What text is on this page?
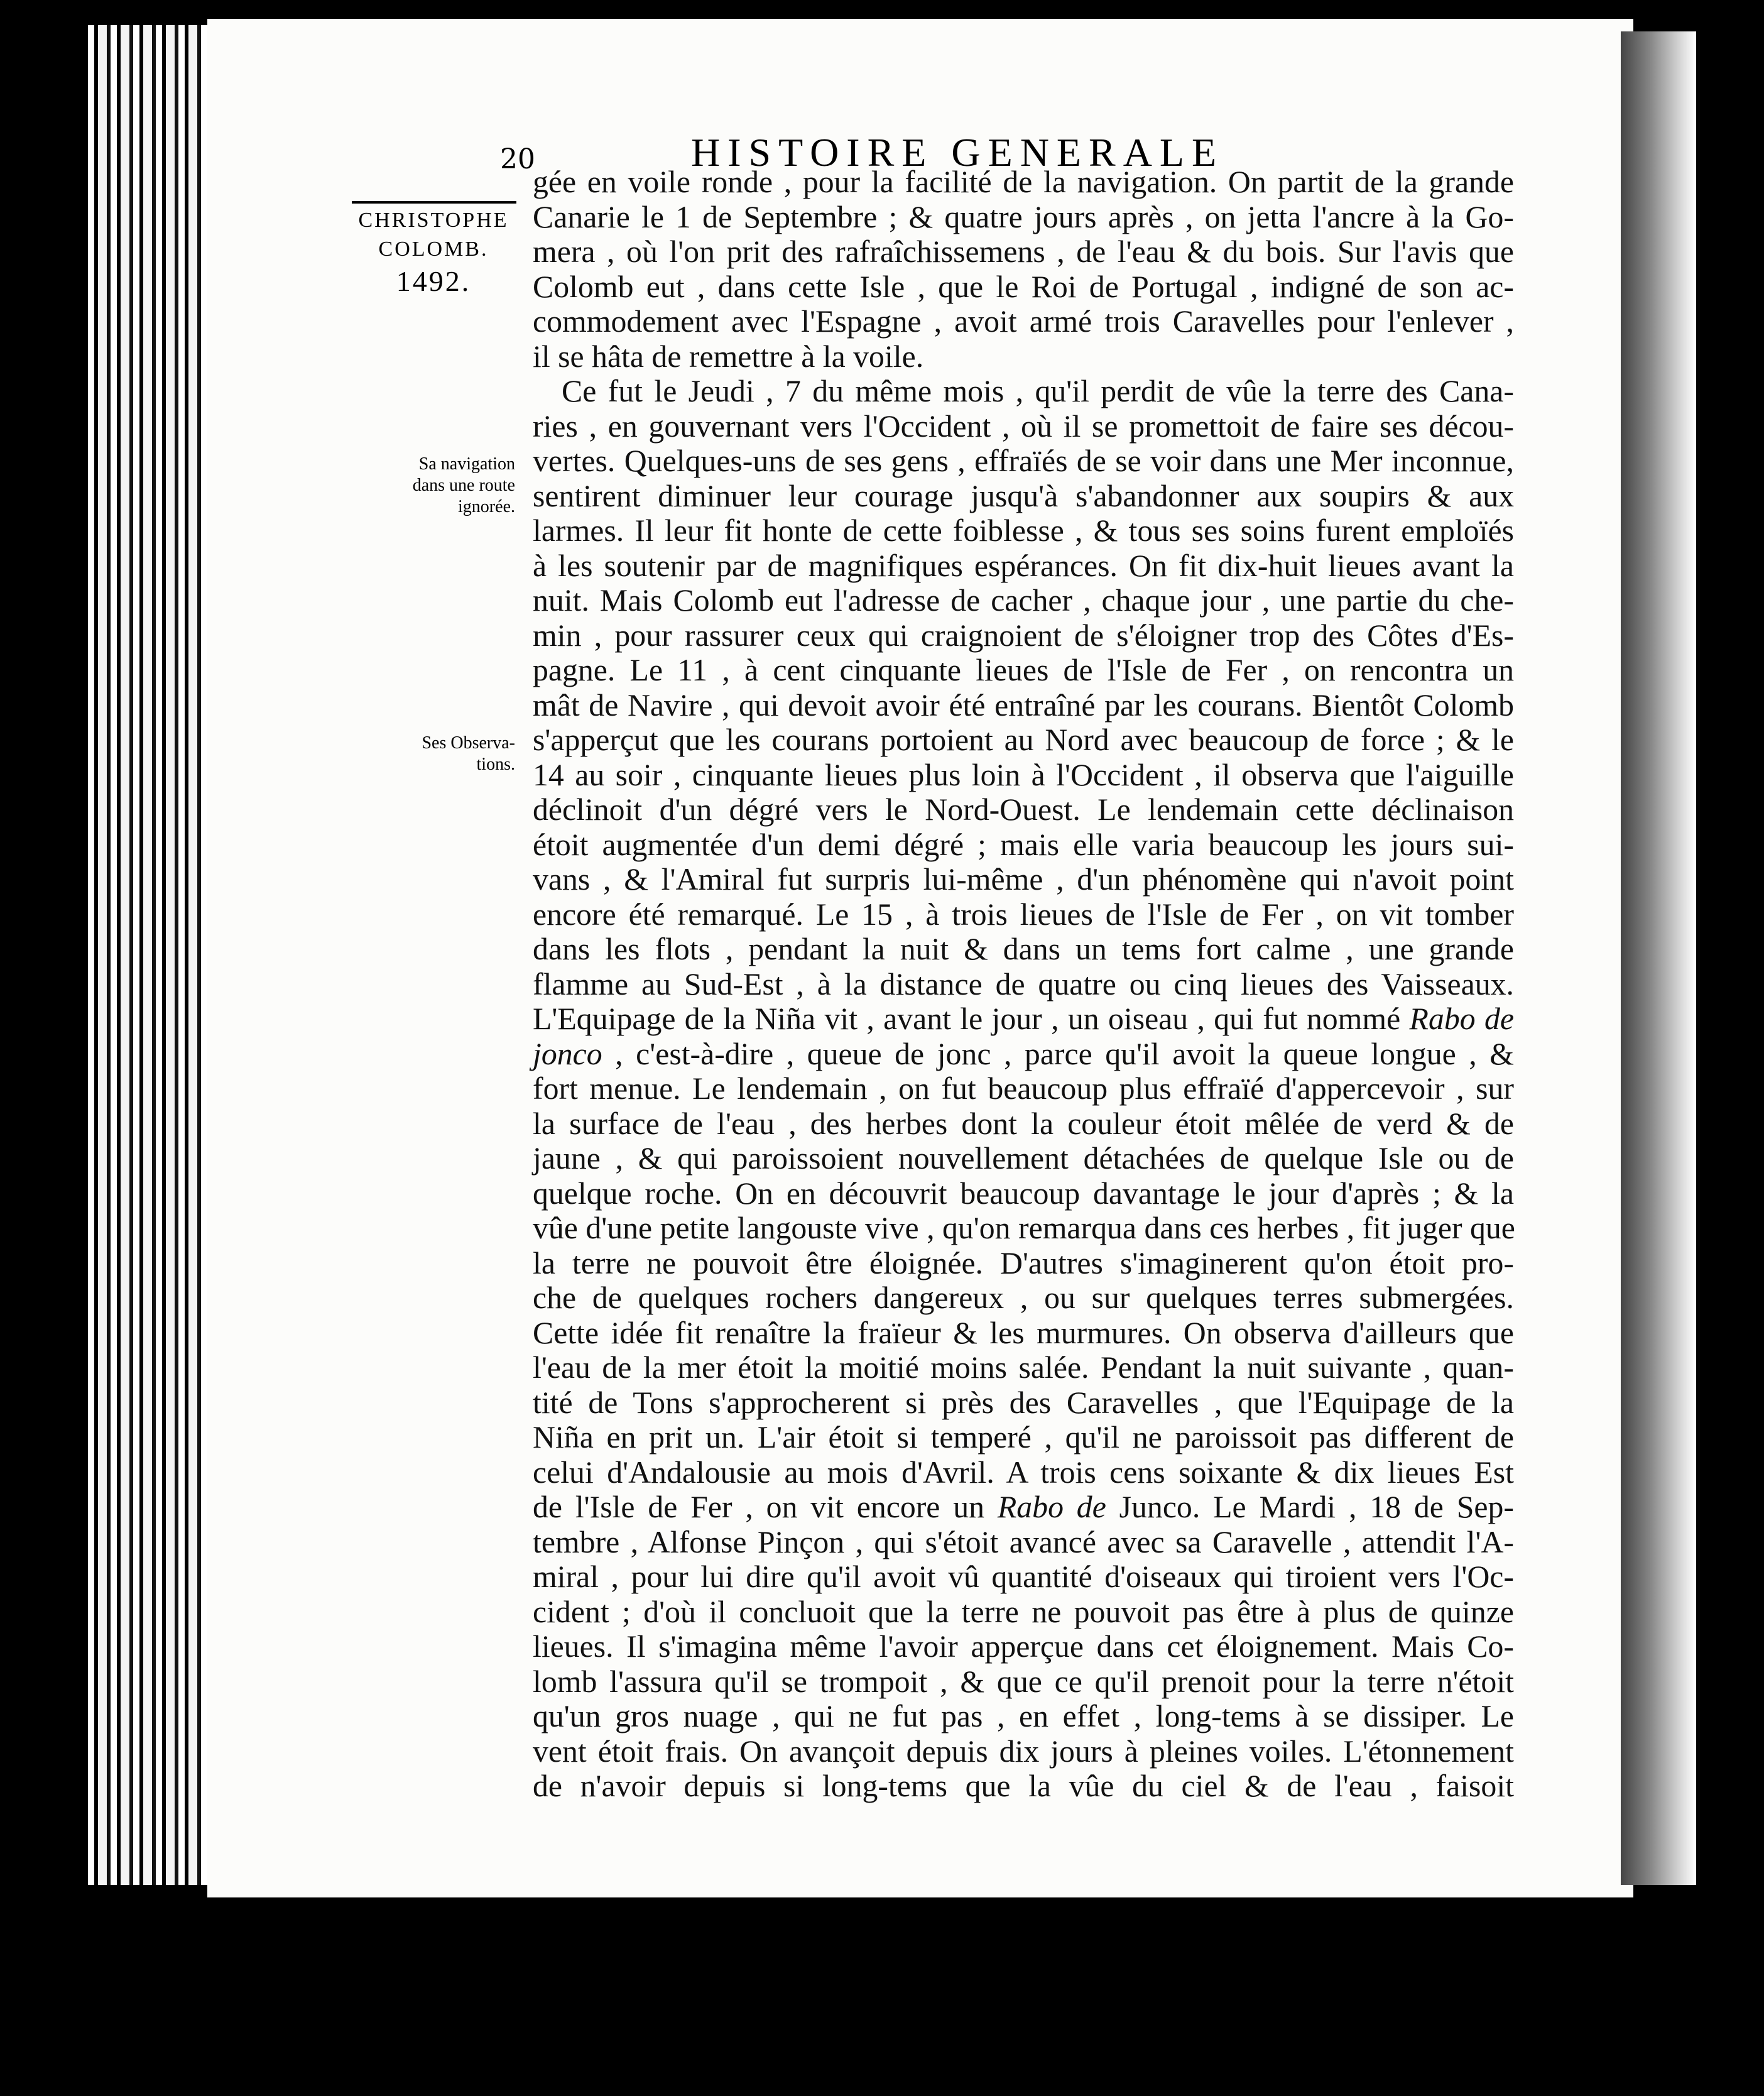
20	HISTOIRE GENERALE
CHRISTOPHE
COLOMB.
1492.
Sa navigation
dans une route
ignorée.
Ses Observa-
tions.
gée en voile ronde , pour la facilité de la navigation. On partit de la grande
Canarie le 1 de Septembre ; & quatre jours après , on jetta l'ancre à la Go-
mera , où l'on prit des rafraîchissemens , de l'eau & du bois. Sur l'avis que
Colomb eut , dans cette Isle , que le Roi de Portugal , indigné de son ac-
commodement avec l'Espagne , avoit armé trois Caravelles pour l'enlever ,
il se hâta de remettre à la voile.
Ce fut le Jeudi , 7 du même mois , qu'il perdit de vûe la terre des Cana-
ries , en gouvernant vers l'Occident , où il se promettoit de faire ses décou-
vertes. Quelques-uns de ses gens , effraïés de se voir dans une Mer inconnue,
sentirent diminuer leur courage jusqu'à s'abandonner aux soupirs & aux
larmes. Il leur fit honte de cette foiblesse , & tous ses soins furent emploïés
à les soutenir par de magnifiques espérances. On fit dix-huit lieues avant la
nuit. Mais Colomb eut l'adresse de cacher , chaque jour , une partie du che-
min , pour rassurer ceux qui craignoient de s'éloigner trop des Côtes d'Es-
pagne. Le 11 , à cent cinquante lieues de l'Isle de Fer , on rencontra un
mât de Navire , qui devoit avoir été entraîné par les courans. Bientôt Colomb
s'apperçut que les courans portoient au Nord avec beaucoup de force ; & le
14 au soir , cinquante lieues plus loin à l'Occident , il observa que l'aiguille
déclinoit d'un dégré vers le Nord-Ouest. Le lendemain cette déclinaison
étoit augmentée d'un demi dégré ; mais elle varia beaucoup les jours sui-
vans , & l'Amiral fut surpris lui-même , d'un phénomène qui n'avoit point
encore été remarqué. Le 15 , à trois lieues de l'Isle de Fer , on vit tomber
dans les flots , pendant la nuit & dans un tems fort calme , une grande
flamme au Sud-Est , à la distance de quatre ou cinq lieues des Vaisseaux.
L'Equipage de la Niña vit , avant le jour , un oiseau , qui fut nommé Rabo de
jonco , c'est-à-dire , queue de jonc , parce qu'il avoit la queue longue , &
fort menue. Le lendemain , on fut beaucoup plus effraïé d'appercevoir , sur
la surface de l'eau , des herbes dont la couleur étoit mêlée de verd & de
jaune , & qui paroissoient nouvellement détachées de quelque Isle ou de
quelque roche. On en découvrit beaucoup davantage le jour d'après ; & la
vûe d'une petite langouste vive , qu'on remarqua dans ces herbes , fit juger que
la terre ne pouvoit être éloignée. D'autres s'imaginerent qu'on étoit pro-
che de quelques rochers dangereux , ou sur quelques terres submergées.
Cette idée fit renaître la fraïeur & les murmures. On observa d'ailleurs que
l'eau de la mer étoit la moitié moins salée. Pendant la nuit suivante , quan-
tité de Tons s'approcherent si près des Caravelles , que l'Equipage de la
Niña en prit un. L'air étoit si temperé , qu'il ne paroissoit pas different de
celui d'Andalousie au mois d'Avril. A trois cens soixante & dix lieues Est
de l'Isle de Fer , on vit encore un Rabo de Junco. Le Mardi , 18 de Sep-
tembre , Alfonse Pinçon , qui s'étoit avancé avec sa Caravelle , attendit l'A-
miral , pour lui dire qu'il avoit vû quantité d'oiseaux qui tiroient vers l'Oc-
cident ; d'où il concluoit que la terre ne pouvoit pas être à plus de quinze
lieues. Il s'imagina même l'avoir apperçue dans cet éloignement. Mais Co-
lomb l'assura qu'il se trompoit , & que ce qu'il prenoit pour la terre n'étoit
qu'un gros nuage , qui ne fut pas , en effet , long-tems à se dissiper. Le
vent étoit frais. On avançoit depuis dix jours à pleines voiles. L'étonnement
de n'avoir depuis si long-tems que la vûe du ciel & de l'eau , faisoit
